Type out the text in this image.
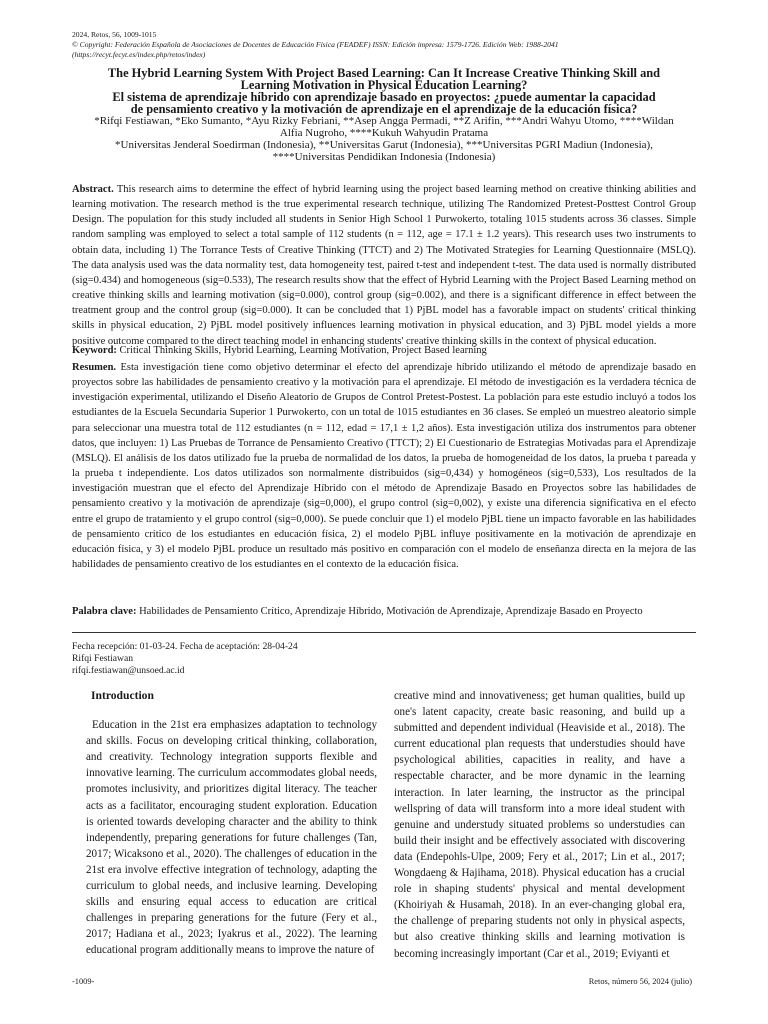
2024, Retos, 56, 1009-1015
© Copyright: Federación Española de Asociaciones de Docentes de Educación Física (FEADEF) ISSN: Edición impresa: 1579-1726. Edición Web: 1988-2041 (https://recyt.fecyt.es/index.php/retos/index)
The Hybrid Learning System With Project Based Learning: Can It Increase Creative Thinking Skill and
Learning Motivation in Physical Education Learning?
El sistema de aprendizaje híbrido con aprendizaje basado en proyectos: ¿puede aumentar la capacidad
de pensamiento creativo y la motivación de aprendizaje en el aprendizaje de la educación física?
*Rifqi Festiawan, *Eko Sumanto, *Ayu Rizky Febriani, **Asep Angga Permadi, **Z Arifin, ***Andri Wahyu Utomo, ****Wildan
Alfia Nugroho, ****Kukuh Wahyudin Pratama
*Universitas Jenderal Soedirman (Indonesia), **Universitas Garut (Indonesia), ***Universitas PGRI Madiun (Indonesia),
****Universitas Pendidikan Indonesia (Indonesia)
Abstract. This research aims to determine the effect of hybrid learning using the project based learning method on creative thinking abilities and learning motivation. The research method is the true experimental research technique, utilizing The Randomized Pretest-Posttest Control Group Design. The population for this study included all students in Senior High School 1 Purwokerto, totaling 1015 students across 36 classes. Simple random sampling was employed to select a total sample of 112 students (n = 112, age = 17.1 ± 1.2 years). This research uses two instruments to obtain data, including 1) The Torrance Tests of Creative Thinking (TTCT) and 2) The Motivated Strategies for Learning Questionnaire (MSLQ). The data analysis used was the data normality test, data homogeneity test, paired t-test and independent t-test. The data used is normally distributed (sig=0.434) and homogeneous (sig=0.533), The research results show that the effect of Hybrid Learning with the Project Based Learning method on creative thinking skills and learning motivation (sig=0.000), control group (sig=0.002), and there is a significant difference in effect between the treatment group and the control group (sig=0.000). It can be concluded that 1) PjBL model has a favorable impact on students' critical thinking skills in physical education, 2) PjBL model positively influences learning motivation in physical education, and 3) PjBL model yields a more positive outcome compared to the direct teaching model in enhancing students' creative thinking skills in the context of physical education.
Keyword: Critical Thinking Skills, Hybrid Learning, Learning Motivation, Project Based learning
Resumen. Esta investigación tiene como objetivo determinar el efecto del aprendizaje híbrido utilizando el método de aprendizaje basado en proyectos sobre las habilidades de pensamiento creativo y la motivación para el aprendizaje. El método de investigación es la verdadera técnica de investigación experimental, utilizando el Diseño Aleatorio de Grupos de Control Pretest-Postest. La población para este estudio incluyó a todos los estudiantes de la Escuela Secundaria Superior 1 Purwokerto, con un total de 1015 estudiantes en 36 clases. Se empleó un muestreo aleatorio simple para seleccionar una muestra total de 112 estudiantes (n = 112, edad = 17,1 ± 1,2 años). Esta investigación utiliza dos instrumentos para obtener datos, que incluyen: 1) Las Pruebas de Torrance de Pensamiento Creativo (TTCT); 2) El Cuestionario de Estrategias Motivadas para el Aprendizaje (MSLQ). El análisis de los datos utilizado fue la prueba de normalidad de los datos, la prueba de homogeneidad de los datos, la prueba t pareada y la prueba t independiente. Los datos utilizados son normalmente distribuidos (sig=0,434) y homogéneos (sig=0,533), Los resultados de la investigación muestran que el efecto del Aprendizaje Híbrido con el método de Aprendizaje Basado en Proyectos sobre las habilidades de pensamiento creativo y la motivación de aprendizaje (sig=0,000), el grupo control (sig=0,002), y existe una diferencia significativa en el efecto entre el grupo de tratamiento y el grupo control (sig=0,000). Se puede concluir que 1) el modelo PjBL tiene un impacto favorable en las habilidades de pensamiento crítico de los estudiantes en educación física, 2) el modelo PjBL influye positivamente en la motivación de aprendizaje en educación física, y 3) el modelo PjBL produce un resultado más positivo en comparación con el modelo de enseñanza directa en la mejora de las habilidades de pensamiento creativo de los estudiantes en el contexto de la educación física.
Palabra clave: Habilidades de Pensamiento Crítico, Aprendizaje Híbrido, Motivación de Aprendizaje, Aprendizaje Basado en Proyecto
Fecha recepción: 01-03-24. Fecha de aceptación: 28-04-24
Rifqi Festiawan
rifqi.festiawan@unsoed.ac.id
Introduction

Education in the 21st era emphasizes adaptation to technology and skills. Focus on developing critical thinking, collaboration, and creativity. Technology integration supports flexible and innovative learning. The curriculum accommodates global needs, promotes inclusivity, and prioritizes digital literacy. The teacher acts as a facilitator, encouraging student exploration. Education is oriented towards developing character and the ability to think independently, preparing generations for future challenges (Tan, 2017; Wicaksono et al., 2020). The challenges of education in the 21st era involve effective integration of technology, adapting the curriculum to global needs, and inclusive learning. Developing skills and ensuring equal access to education are critical challenges in preparing generations for the future (Fery et al., 2017; Hadiana et al., 2023; Iyakrus et al., 2022). The learning educational program additionally means to improve the nature of

creative mind and innovativeness; get human qualities, build up one's latent capacity, create basic reasoning, and build up a submitted and dependent individual (Heaviside et al., 2018). The current educational plan requests that understudies should have psychological abilities, capacities in reality, and have a respectable character, and be more dynamic in the learning interaction. In later learning, the instructor as the principal wellspring of data will transform into a more ideal student with genuine and understudy situated problems so understudies can build their insight and be effectively associated with discovering data (Endepohls-Ulpe, 2009; Fery et al., 2017; Lin et al., 2017; Wongdaeng & Hajihama, 2018). Physical education has a crucial role in shaping students' physical and mental development (Khoiriyah & Husamah, 2018). In an ever-changing global era, the challenge of preparing students not only in physical aspects, but also creative thinking skills and learning motivation is becoming increasingly important (Car et al., 2019; Eviyanti et

-1009-	Retos, número 56, 2024 (julio)
